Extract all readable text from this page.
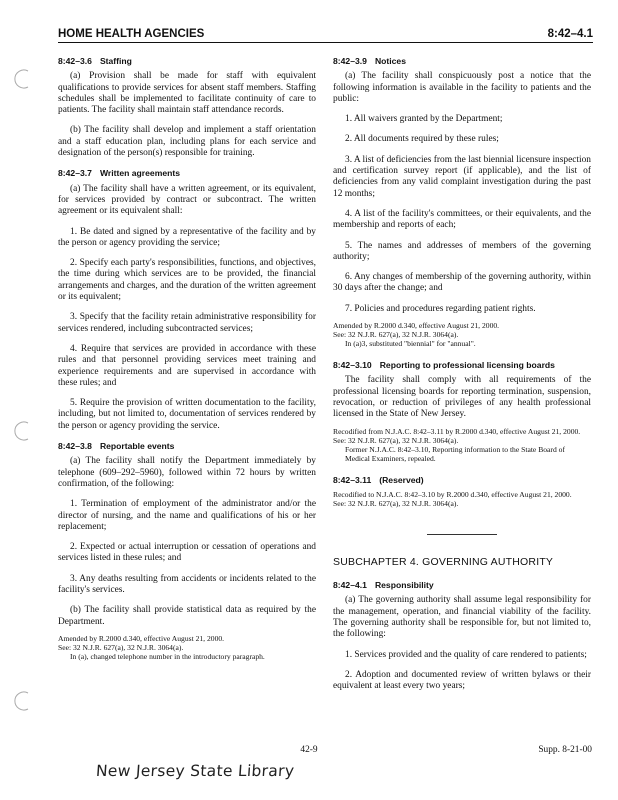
HOME HEALTH AGENCIES	8:42–4.1
8:42–3.6 Staffing

(a) Provision shall be made for staff with equivalent qualifications to provide services for absent staff members. Staffing schedules shall be implemented to facilitate continuity of care to patients. The facility shall maintain staff attendance records.

(b) The facility shall develop and implement a staff orientation and a staff education plan, including plans for each service and designation of the person(s) responsible for training.

8:42–3.7 Written agreements

(a) The facility shall have a written agreement, or its equivalent, for services provided by contract or subcontract. The written agreement or its equivalent shall:

1. Be dated and signed by a representative of the facility and by the person or agency providing the service;

2. Specify each party's responsibilities, functions, and objectives, the time during which services are to be provided, the financial arrangements and charges, and the duration of the written agreement or its equivalent;

3. Specify that the facility retain administrative responsibility for services rendered, including subcontracted services;

4. Require that services are provided in accordance with these rules and that personnel providing services meet training and experience requirements and are supervised in accordance with these rules; and

5. Require the provision of written documentation to the facility, including, but not limited to, documentation of services rendered by the person or agency providing the service.

8:42–3.8 Reportable events

(a) The facility shall notify the Department immediately by telephone (609–292–5960), followed within 72 hours by written confirmation, of the following:

1. Termination of employment of the administrator and/or the director of nursing, and the name and qualifications of his or her replacement;

2. Expected or actual interruption or cessation of operations and services listed in these rules; and

3. Any deaths resulting from accidents or incidents related to the facility's services.

(b) The facility shall provide statistical data as required by the Department.

Amended by R.2000 d.340, effective August 21, 2000.
See: 32 N.J.R. 627(a), 32 N.J.R. 3064(a).
In (a), changed telephone number in the introductory paragraph.
8:42–3.9 Notices

(a) The facility shall conspicuously post a notice that the following information is available in the facility to patients and the public:

1. All waivers granted by the Department;

2. All documents required by these rules;

3. A list of deficiencies from the last biennial licensure inspection and certification survey report (if applicable), and the list of deficiencies from any valid complaint investigation during the past 12 months;

4. A list of the facility's committees, or their equivalents, and the membership and reports of each;

5. The names and addresses of members of the governing authority;

6. Any changes of membership of the governing authority, within 30 days after the change; and

7. Policies and procedures regarding patient rights.

Amended by R.2000 d.340, effective August 21, 2000.
See: 32 N.J.R. 627(a), 32 N.J.R. 3064(a).
In (a)3, substituted "biennial" for "annual".
8:42–3.10 Reporting to professional licensing boards

The facility shall comply with all requirements of the professional licensing boards for reporting termination, suspension, revocation, or reduction of privileges of any health professional licensed in the State of New Jersey.

Recodified from N.J.A.C. 8:42–3.11 by R.2000 d.340, effective August 21, 2000.
See: 32 N.J.R. 627(a), 32 N.J.R. 3064(a).
Former N.J.A.C. 8:42–3.10, Reporting information to the State Board of Medical Examiners, repealed.
8:42–3.11 (Reserved)
Recodified to N.J.A.C. 8:42–3.10 by R.2000 d.340, effective August 21, 2000.
See: 32 N.J.R. 627(a), 32 N.J.R. 3064(a).
SUBCHAPTER 4. GOVERNING AUTHORITY
8:42–4.1 Responsibility

(a) The governing authority shall assume legal responsibility for the management, operation, and financial viability of the facility. The governing authority shall be responsible for, but not limited to, the following:

1. Services provided and the quality of care rendered to patients;

2. Adoption and documented review of written bylaws or their equivalent at least every two years;

42-9	Supp. 8-21-00
New Jersey State Library
